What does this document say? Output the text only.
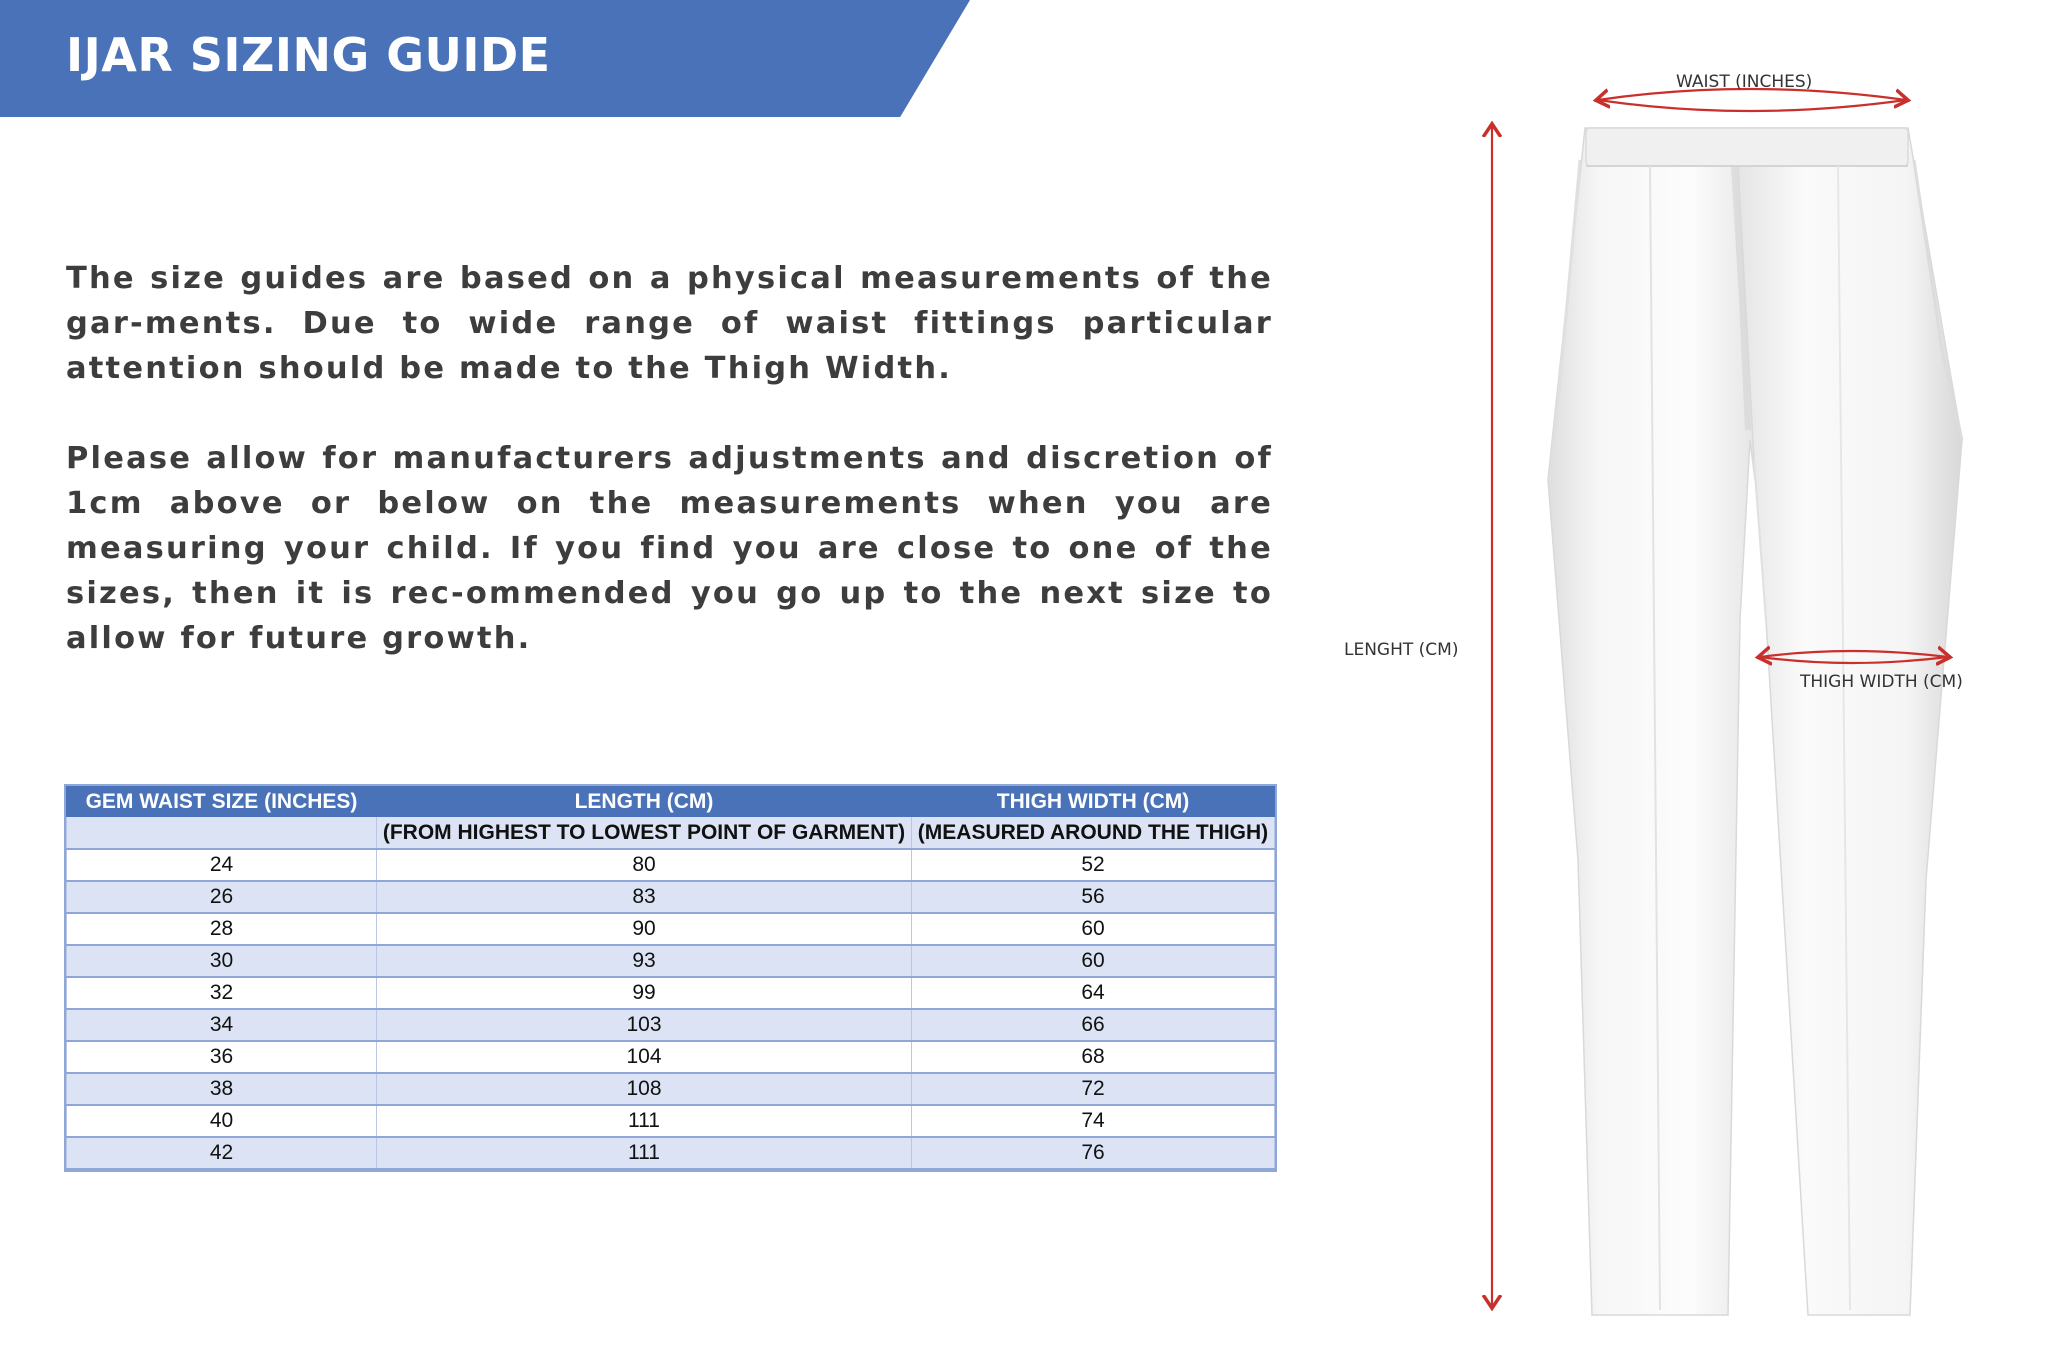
IJAR SIZING GUIDE

The size guides are based on a physical measurements of the gar-ments. Due to wide range of waist fittings particular attention should be made to the Thigh Width.

Please allow for manufacturers adjustments and discretion of 1cm above or below on the measurements when you are measuring your child. If you find you are close to one of the sizes, then it is rec-ommended you go up to the next size to allow for future growth.

GEM WAIST SIZE (INCHES)	LENGTH (CM)	THIGH WIDTH (CM)
	(FROM HIGHEST TO LOWEST POINT OF GARMENT)	(MEASURED AROUND THE THIGH)
24	80	52
26	83	56
28	90	60
30	93	60
32	99	64
34	103	66
36	104	68
38	108	72
40	111	74
42	111	76
WAIST (INCHES)
LENGHT (CM)
THIGH WIDTH (CM)
